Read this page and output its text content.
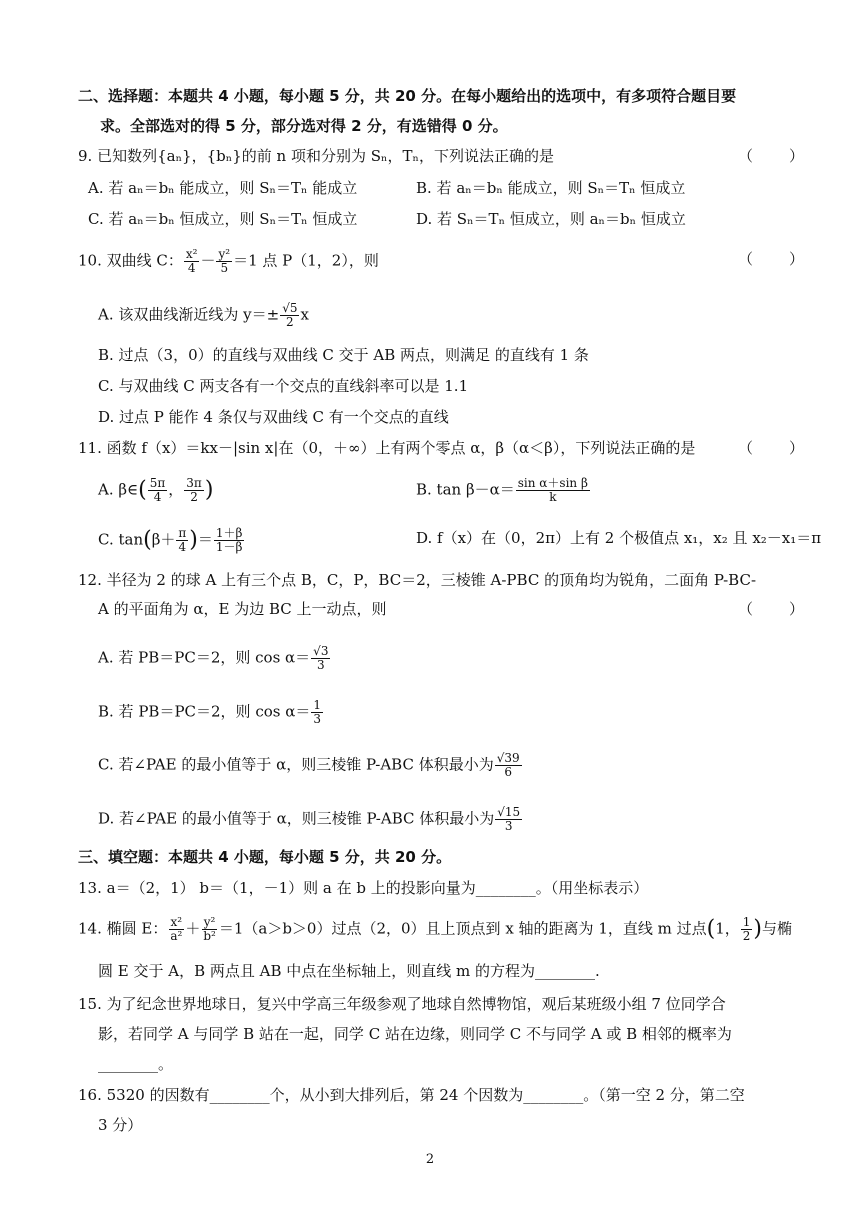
二、选择题：本题共 4 小题，每小题 5 分，共 20 分。在每小题给出的选项中，有多项符合题目要
求。全部选对的得 5 分，部分选对得 2 分，有选错得 0 分。
9. 已知数列{aₙ}，{bₙ}的前 n 项和分别为 Sₙ，Tₙ，下列说法正确的是	（　　）
A. 若 aₙ＝bₙ 能成立，则 Sₙ＝Tₙ 能成立	B. 若 aₙ＝bₙ 能成立，则 Sₙ＝Tₙ 恒成立
C. 若 aₙ＝bₙ 恒成立，则 Sₙ＝Tₙ 恒成立	D. 若 Sₙ＝Tₙ 恒成立，则 aₙ＝bₙ 恒成立
10. 双曲线 C： $\frac{\text{x²}}{4} - \frac{\text{y²}}{5} =1$ 点 P（1，2），则	（　　）
A. 该双曲线渐近线为 $y=\pm \frac{√5}{2}$ x
B. 过点（3，0）的直线与双曲线 C 交于 AB 两点，则满足 的直线有 1 条
C. 与双曲线 C 两支各有一个交点的直线斜率可以是 1.1
D. 过点 P 能作 4 条仅与双曲线 C 有一个交点的直线
11. 函数 f（x）＝kx－|sin x|在（0，＋∞）上有两个零点 α，β（α＜β），下列说法正确的是	（　　）
A. β∈( $\frac{5\pi}{4}$ ， $\frac{3\pi}{2}$ )	B. $\tan \beta-\alpha= \frac{\text{sin α＋sin β}}{k}$
C. $\tan(\beta+ \frac{\pi}{4}$ )＝ $\frac{1+\beta}{1-\beta}$	D. f（x）在（0，2π）上有 2 个极值点 x₁，x₂ 且 x₂－x₁＝π
12. 半径为 2 的球 A 上有三个点 B，C，P，BC＝2，三棱锥 A-PBC 的顶角均为锐角，二面角 P-BC-
A 的平面角为 α，E 为边 BC 上一动点，则	（　　）
A. 若 PB＝PC＝2，则 $\cos \alpha= \frac{√3}{3}$
B. 若 PB＝PC＝2，则 $\cos \alpha= \frac{1}{3}$
C. 若∠PAE 的最小值等于 α，则三棱锥 P-ABC 体积最小为 $\frac{√39}{6}$
D. 若∠PAE 的最小值等于 α，则三棱锥 P-ABC 体积最小为 $\frac{√15}{3}$
三、填空题：本题共 4 小题，每小题 5 分，共 20 分。
13. a＝（2，1） b＝（1，－1）则 a 在 b 上的投影向量为________。（用坐标表示）
14. 椭圆 E： $\frac{\text{x²}}{\text{a²}} + \frac{\text{y²}}{\text{b²}} =1(a>b>0)$过点（2，0）且上顶点到 x 轴的距离为 1，直线 m 过点(1， $\frac{1}{2}$ )与椭
圆 E 交于 A，B 两点且 AB 中点在坐标轴上，则直线 m 的方程为________.
15. 为了纪念世界地球日，复兴中学高三年级参观了地球自然博物馆，观后某班级小组 7 位同学合
影，若同学 A 与同学 B 站在一起，同学 C 站在边缘，则同学 C 不与同学 A 或 B 相邻的概率为
________。
16. 5320 的因数有________个，从小到大排列后，第 24 个因数为________。（第一空 2 分，第二空
3 分）
2
